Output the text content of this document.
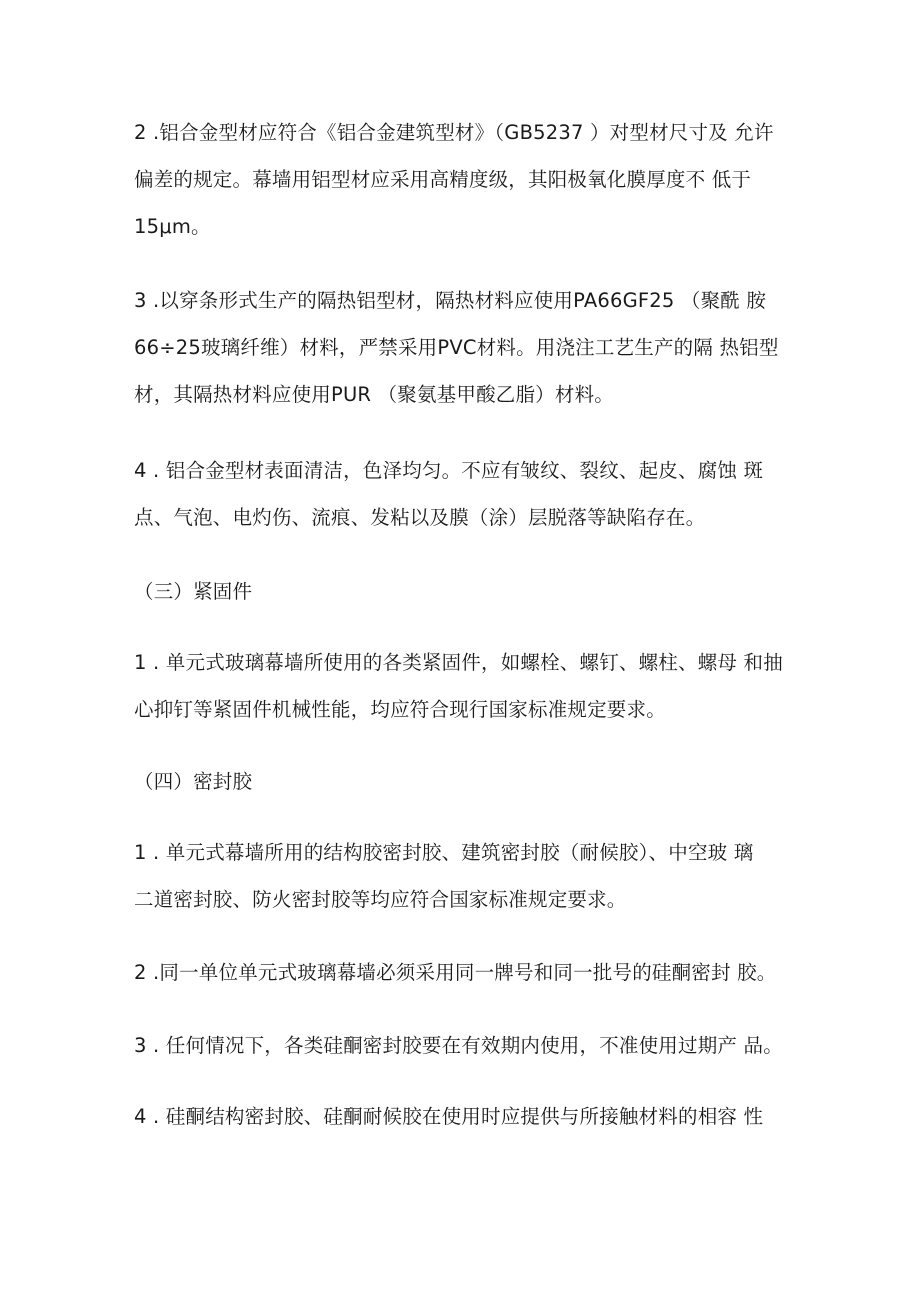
2 .铝合金型材应符合《铝合金建筑型材》（GB5237 ）对型材尺寸及 允许
偏差的规定。幕墙用铝型材应采用高精度级，其阳极氧化膜厚度不 低于
15μm。
3 .以穿条形式生产的隔热铝型材，隔热材料应使用PA66GF25 （聚酰 胺
66÷25玻璃纤维）材料，严禁采用PVC材料。用浇注工艺生产的隔 热铝型
材，其隔热材料应使用PUR （聚氨基甲酸乙脂）材料。
4 . 铝合金型材表面清洁，色泽均匀。不应有皱纹、裂纹、起皮、腐蚀 斑
点、气泡、电灼伤、流痕、发粘以及膜（涂）层脱落等缺陷存在。
（三）紧固件
1 . 单元式玻璃幕墙所使用的各类紧固件，如螺栓、螺钉、螺柱、螺母 和抽
心抑钉等紧固件机械性能，均应符合现行国家标准规定要求。
（四）密封胶
1 . 单元式幕墙所用的结构胶密封胶、建筑密封胶（耐候胶）、中空玻 璃
二道密封胶、防火密封胶等均应符合国家标准规定要求。
2 .同一单位单元式玻璃幕墙必须采用同一牌号和同一批号的硅酮密封 胶。
3 . 任何情况下，各类硅酮密封胶要在有效期内使用，不准使用过期产 品。
4 . 硅酮结构密封胶、硅酮耐候胶在使用时应提供与所接触材料的相容 性
